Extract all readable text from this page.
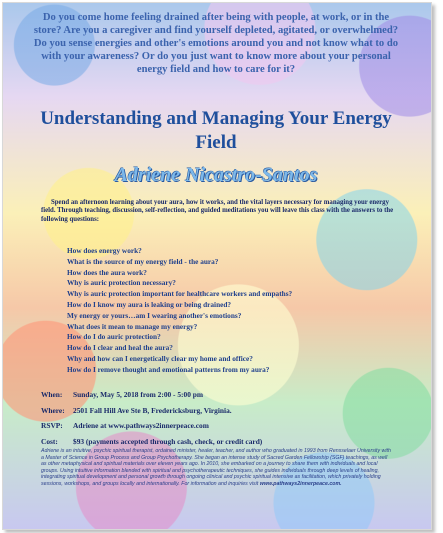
Do you come home feeling drained after being with people, at work, or in the store? Are you a caregiver and find yourself depleted, agitated, or overwhelmed? Do you sense energies and other's emotions around you and not know what to do with your awareness? Or do you just want to know more about your personal energy field and how to care for it?

Understanding and Managing Your Energy Field
Adriene Nicastro-Santos

Spend an afternoon learning about your aura, how it works, and the vital layers necessary for managing your energy field. Through teaching, discussion, self-reflection, and guided meditations you will leave this class with the answers to the following questions:

How does energy work?
What is the source of my energy field - the aura?
How does the aura work?
Why is auric protection necessary?
Why is auric protection important for healthcare workers and empaths?
How do I know my aura is leaking or being drained?
My energy or yours…am I wearing another's emotions?
What does it mean to manage my energy?
How do I do auric protection?
How do I clear and heal the aura?
Why and how can I energetically clear my home and office?
How do I remove thought and emotional patterns from my aura?
When:	Sunday, May 5, 2018 from 2:00 - 5:00 pm
Where:	2501 Fall Hill Ave Ste B, Fredericksburg, Virginia.
RSVP:	Adriene at www.pathways2innerpeace.com
Cost:	$93 (payments accepted through cash, check, or credit card)

Adriene is an intuitive, psychic spiritual therapist, ordained minister, healer, teacher, and author who graduated in 1993 from Rensselaer University with a Master of Science in Group Process and Group Psychotherapy. She began an intense study of Sacred Garden Fellowship (SGF) teachings, as well as other metaphysical and spiritual materials over eleven years ago. In 2010, she embarked on a journey to share them with individuals and local groups. Using intuitive information blended with spiritual and psychotherapeutic techniques, she guides individuals through deep levels of healing, integrating spiritual development and personal growth through ongoing clinical and psychic spiritual intensive as facilitation, which privately holding sessions, workshops, and groups locally and internationally. For information and inquiries visit www.pathways2innerpeace.com.
